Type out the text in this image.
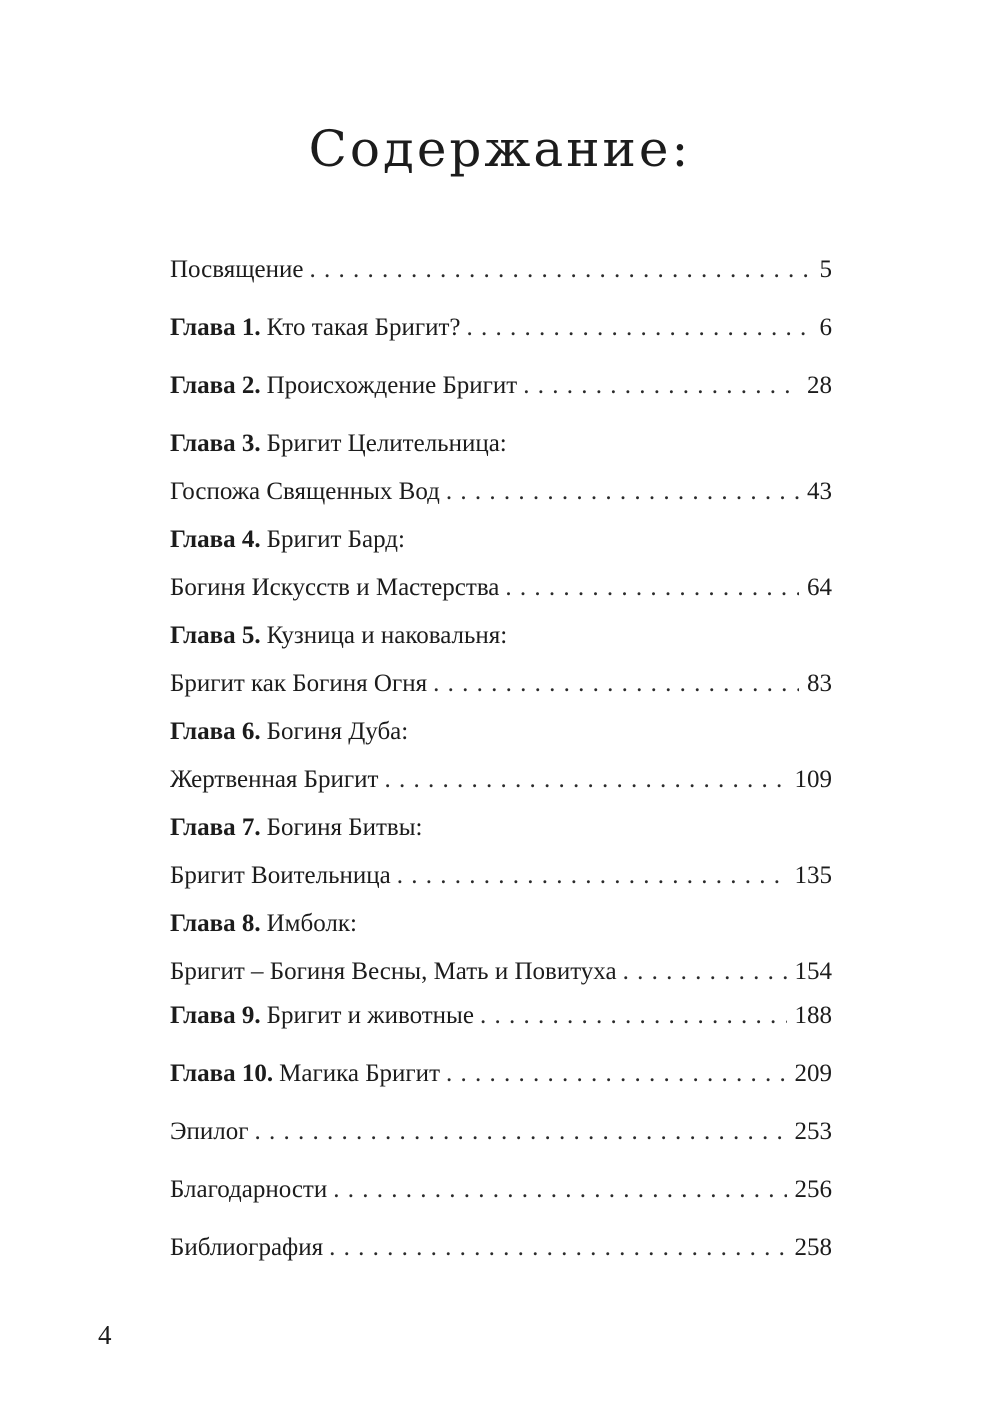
Содержание:
Посвящение . . .	5
Глава 1. Кто такая Бригит? . . .	6
Глава 2. Происхождение Бригит . . .	28
Глава 3. Бригит Целительница:
Госпожа Священных Вод . . .	43
Глава 4. Бригит Бард:
Богиня Искусств и Мастерства . . .	64
Глава 5. Кузница и наковальня:
Бригит как Богиня Огня . . .	83
Глава 6. Богиня Дуба:
Жертвенная Бригит . . .	109
Глава 7. Богиня Битвы:
Бригит Воительница . . .	135
Глава 8. Имболк:
Бригит – Богиня Весны, Мать и Повитуха . . .	154
Глава 9. Бригит и животные . . .	188
Глава 10. Магика Бригит . . .	209
Эпилог . . .	253
Благодарности . . .	256
Библиография . . .	258
4
